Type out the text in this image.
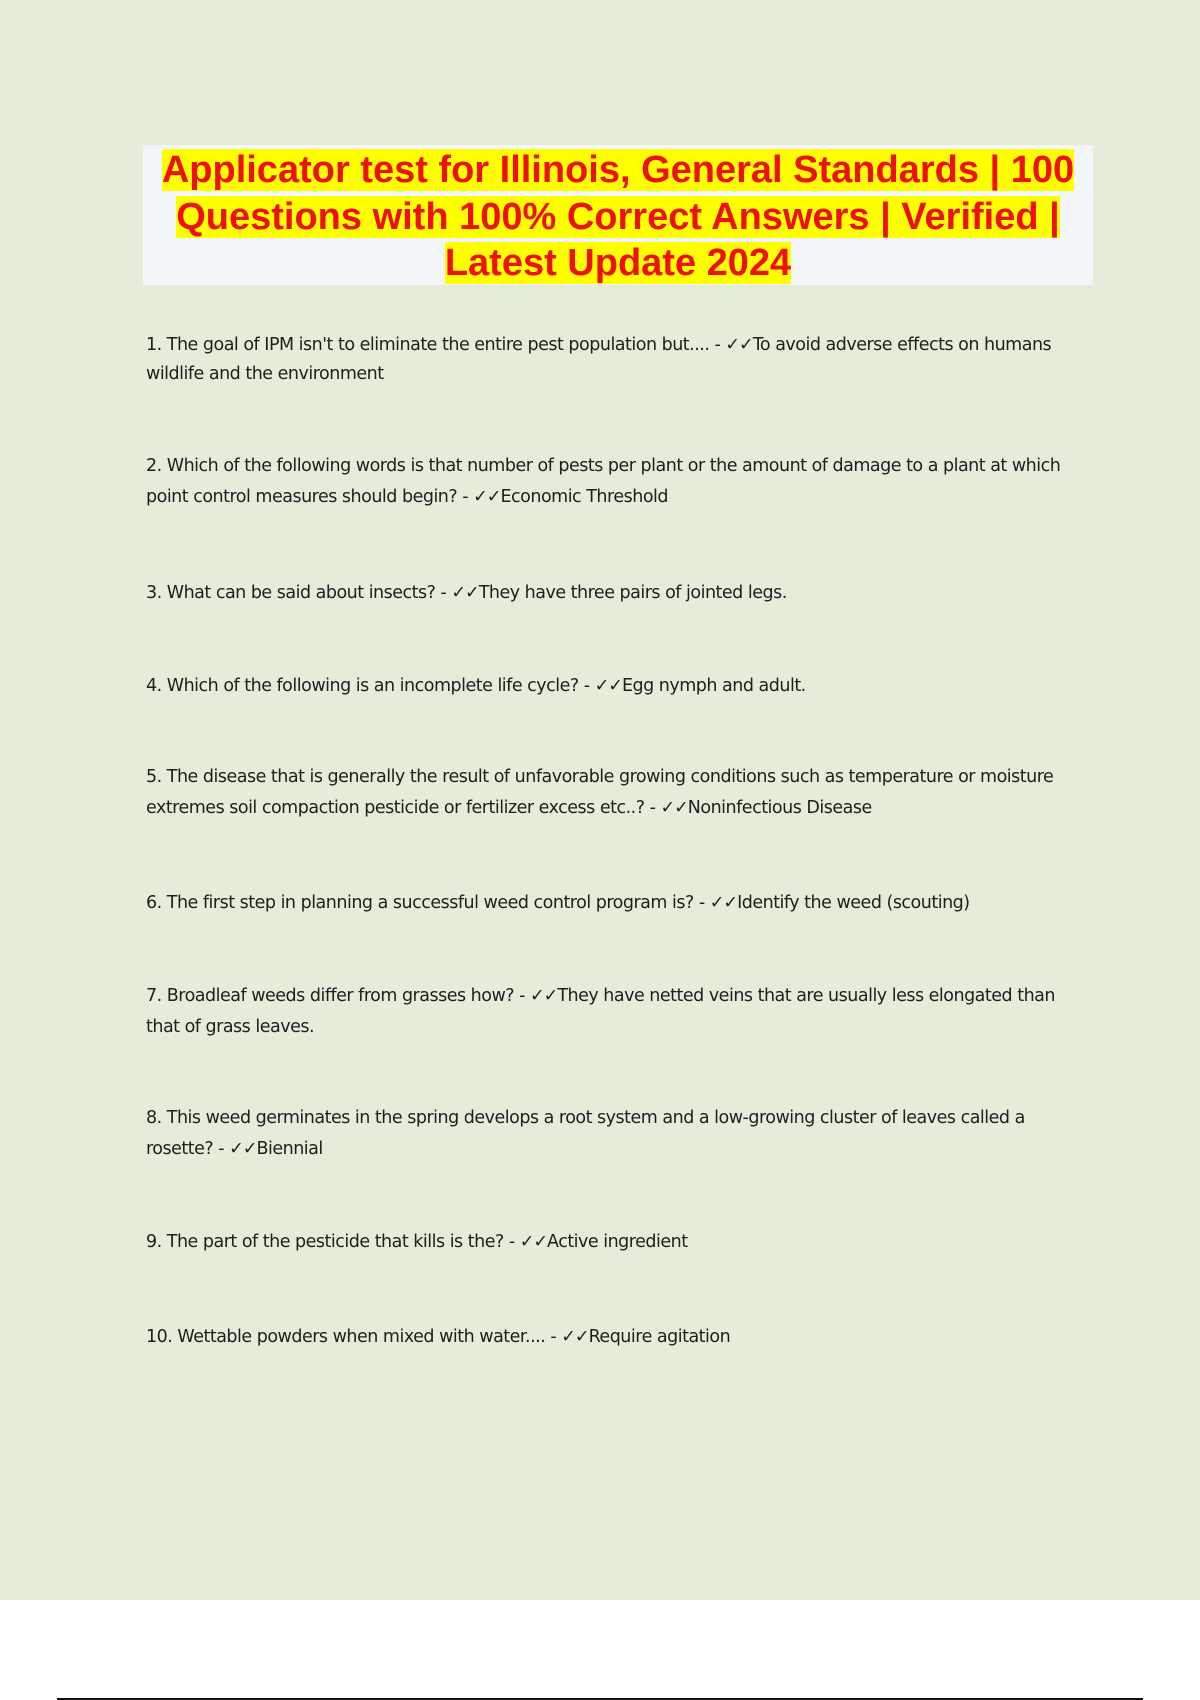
Applicator test for Illinois, General Standards | 100 Questions with 100% Correct Answers | Verified | Latest Update 2024
1. The goal of IPM isn't to eliminate the entire pest population but.... - ✓✓To avoid adverse effects on humans wildlife and the environment
2. Which of the following words is that number of pests per plant or the amount of damage to a plant at which point control measures should begin? - ✓✓Economic Threshold
3. What can be said about insects? - ✓✓They have three pairs of jointed legs.
4. Which of the following is an incomplete life cycle? - ✓✓Egg nymph and adult.
5. The disease that is generally the result of unfavorable growing conditions such as temperature or moisture extremes soil compaction pesticide or fertilizer excess etc..? - ✓✓Noninfectious Disease
6. The first step in planning a successful weed control program is? - ✓✓Identify the weed (scouting)
7. Broadleaf weeds differ from grasses how? - ✓✓They have netted veins that are usually less elongated than that of grass leaves.
8. This weed germinates in the spring develops a root system and a low-growing cluster of leaves called a rosette? - ✓✓Biennial
9. The part of the pesticide that kills is the? - ✓✓Active ingredient
10. Wettable powders when mixed with water.... - ✓✓Require agitation
